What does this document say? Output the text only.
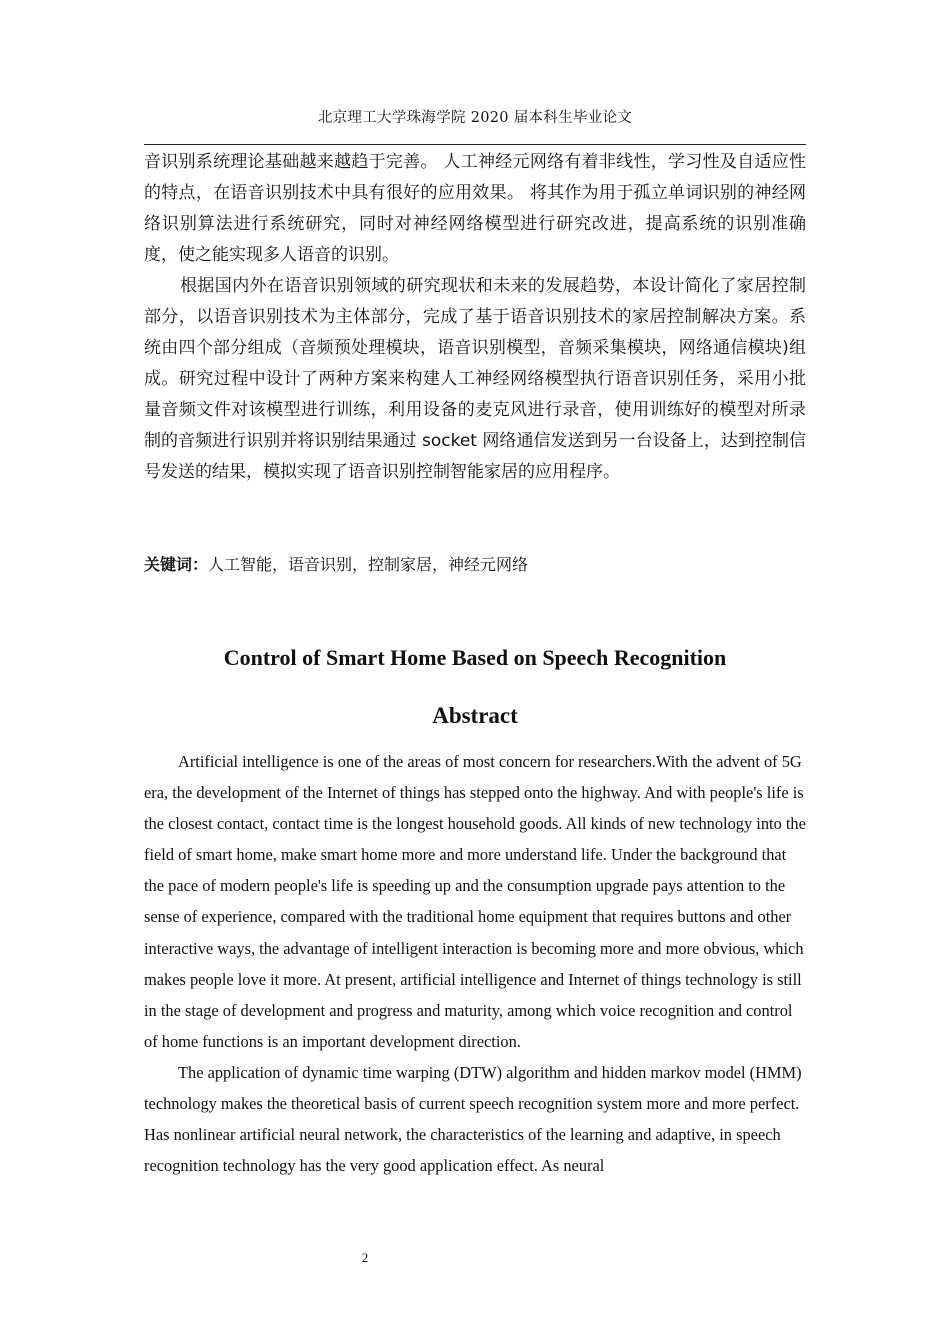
北京理工大学珠海学院 2020 届本科生毕业论文

音识别系统理论基础越来越趋于完善。 人工神经元网络有着非线性，学习性及自适应性的特点，在语音识别技术中具有很好的应用效果。 将其作为用于孤立单词识别的神经网络识别算法进行系统研究，同时对神经网络模型进行研究改进，提高系统的识别准确度，使之能实现多人语音的识别。

根据国内外在语音识别领域的研究现状和未来的发展趋势，本设计简化了家居控制部分，以语音识别技术为主体部分，完成了基于语音识别技术的家居控制解决方案。系统由四个部分组成（音频预处理模块，语音识别模型，音频采集模块，网络通信模块)组成。研究过程中设计了两种方案来构建人工神经网络模型执行语音识别任务，采用小批量音频文件对该模型进行训练，利用设备的麦克风进行录音，使用训练好的模型对所录制的音频进行识别并将识别结果通过 socket 网络通信发送到另一台设备上，达到控制信号发送的结果，模拟实现了语音识别控制智能家居的应用程序。

关键词：人工智能，语音识别，控制家居，神经元网络
Control of Smart Home Based on Speech Recognition
Abstract

Artificial intelligence is one of the areas of most concern for researchers.With the advent of 5G era, the development of the Internet of things has stepped onto the highway. And with people's life is the closest contact, contact time is the longest household goods. All kinds of new technology into the field of smart home, make smart home more and more understand life. Under the background that the pace of modern people's life is speeding up and the consumption upgrade pays attention to the sense of experience, compared with the traditional home equipment that requires buttons and other interactive ways, the advantage of intelligent interaction is becoming more and more obvious, which makes people love it more. At present, artificial intelligence and Internet of things technology is still in the stage of development and progress and maturity, among which voice recognition and control of home functions is an important development direction.

The application of dynamic time warping (DTW) algorithm and hidden markov model (HMM) technology makes the theoretical basis of current speech recognition system more and more perfect. Has nonlinear artificial neural network, the characteristics of the learning and adaptive, in speech recognition technology has the very good application effect. As neural

2
